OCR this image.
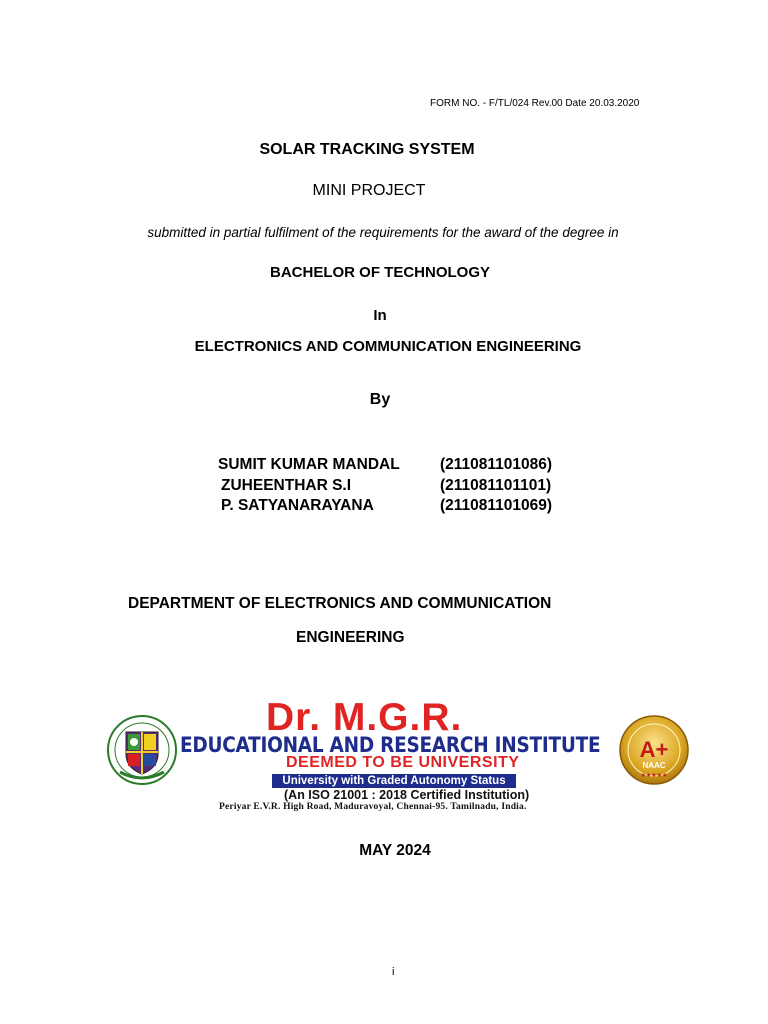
FORM NO. - F/TL/024 Rev.00 Date 20.03.2020
SOLAR TRACKING SYSTEM
MINI PROJECT
submitted in partial fulfilment of the requirements for the award of the degree in
BACHELOR OF TECHNOLOGY
In
ELECTRONICS AND COMMUNICATION ENGINEERING
By
SUMIT KUMAR MANDAL	(211081101086)
ZUHEENTHAR S.I	(211081101101)
P. SATYANARAYANA	(211081101069)
DEPARTMENT OF ELECTRONICS AND COMMUNICATION
ENGINEERING
Dr. M.G.R.
EDUCATIONAL AND RESEARCH INSTITUTE
DEEMED TO BE UNIVERSITY
University with Graded Autonomy Status
(An ISO 21001 : 2018 Certified Institution)
Periyar E.V.R. High Road, Maduravoyal, Chennai-95. Tamilnadu, India.
A+
NAAC
★★★★★
MAY 2024
i
